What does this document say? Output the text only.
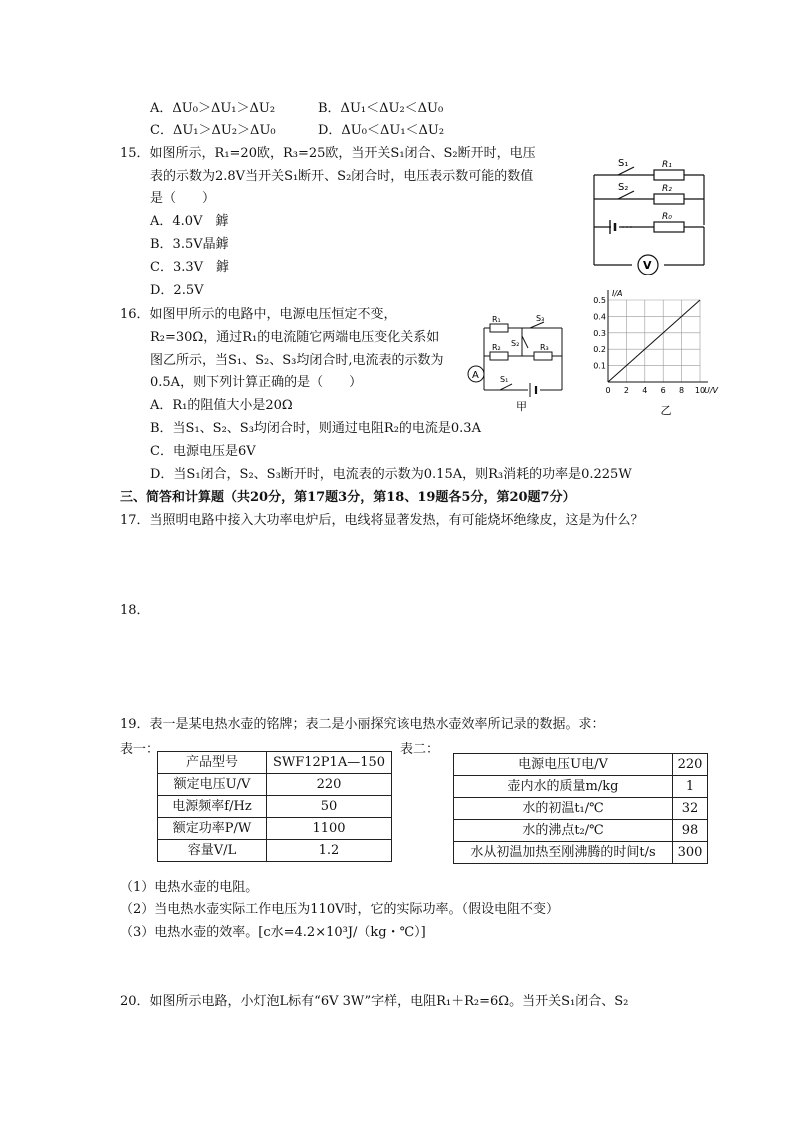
A．ΔU₀＞ΔU₁＞ΔU₂	B．ΔU₁＜ΔU₂＜ΔU₀
C．ΔU₁＞ΔU₂＞ΔU₀	D．ΔU₀＜ΔU₁＜ΔU₂
15．如图所示，R₁=20欧，R₃=25欧，当开关S₁闭合、S₂断开时，电压
表的示数为2.8V当开关S₁断开、S₂闭合时，电压表示数可能的数值
是（　　）
A．4.0V　鎼
B．3.5V晶鎼
C．3.3V　鎼
D．2.5V
S₁
S₂
R₁
R₂
R₀
V
16．如图甲所示的电路中，电源电压恒定不变，
R₂=30Ω，通过R₁的电流随它两端电压变化关系如
图乙所示，当S₁、S₂、S₃均闭合时,电流表的示数为
0.5A，则下列计算正确的是（　　）
A．R₁的阻值大小是20Ω
B．当S₁、S₂、S₃均闭合时，则通过电阻R₂的电流是0.3A
C．电源电压是6V
D．当S₁闭合，S₂、S₃断开时，电流表的示数为0.15A，则R₃消耗的功率是0.225W
R₁
R₂	R₃
S₃
S₂
S₁
A
甲
0 2 4 6 8 10
0.1
0.2
0.3
0.4
0.5
I/A
U/V
乙
三、简答和计算题（共20分，第17题3分，第18、19题各5分，第20题7分）
17．当照明电路中接入大功率电炉后，电线将显著发热，有可能烧坏绝缘皮，这是为什么？
18．
19．表一是某电热水壶的铭牌；表二是小丽探究该电热水壶效率所记录的数据。求：
表一：	表二：
产品型号	SWF12P1A—150
额定电压U/V	220
电源频率f/Hz	50
额定功率P/W	1100
容量V/L	1.2
电源电压U电/V	220
壶内水的质量m/kg	1
水的初温t₁/℃	32
水的沸点t₂/℃	98
水从初温加热至刚沸腾的时间t/s	300
（1）电热水壶的电阻。
（2）当电热水壶实际工作电压为110V时，它的实际功率。（假设电阻不变）
（3）电热水壶的效率。[c水=4.2×10³J/（kg・℃）]
20．如图所示电路，小灯泡L标有“6V 3W”字样，电阻R₁＋R₂=6Ω。当开关S₁闭合、S₂
